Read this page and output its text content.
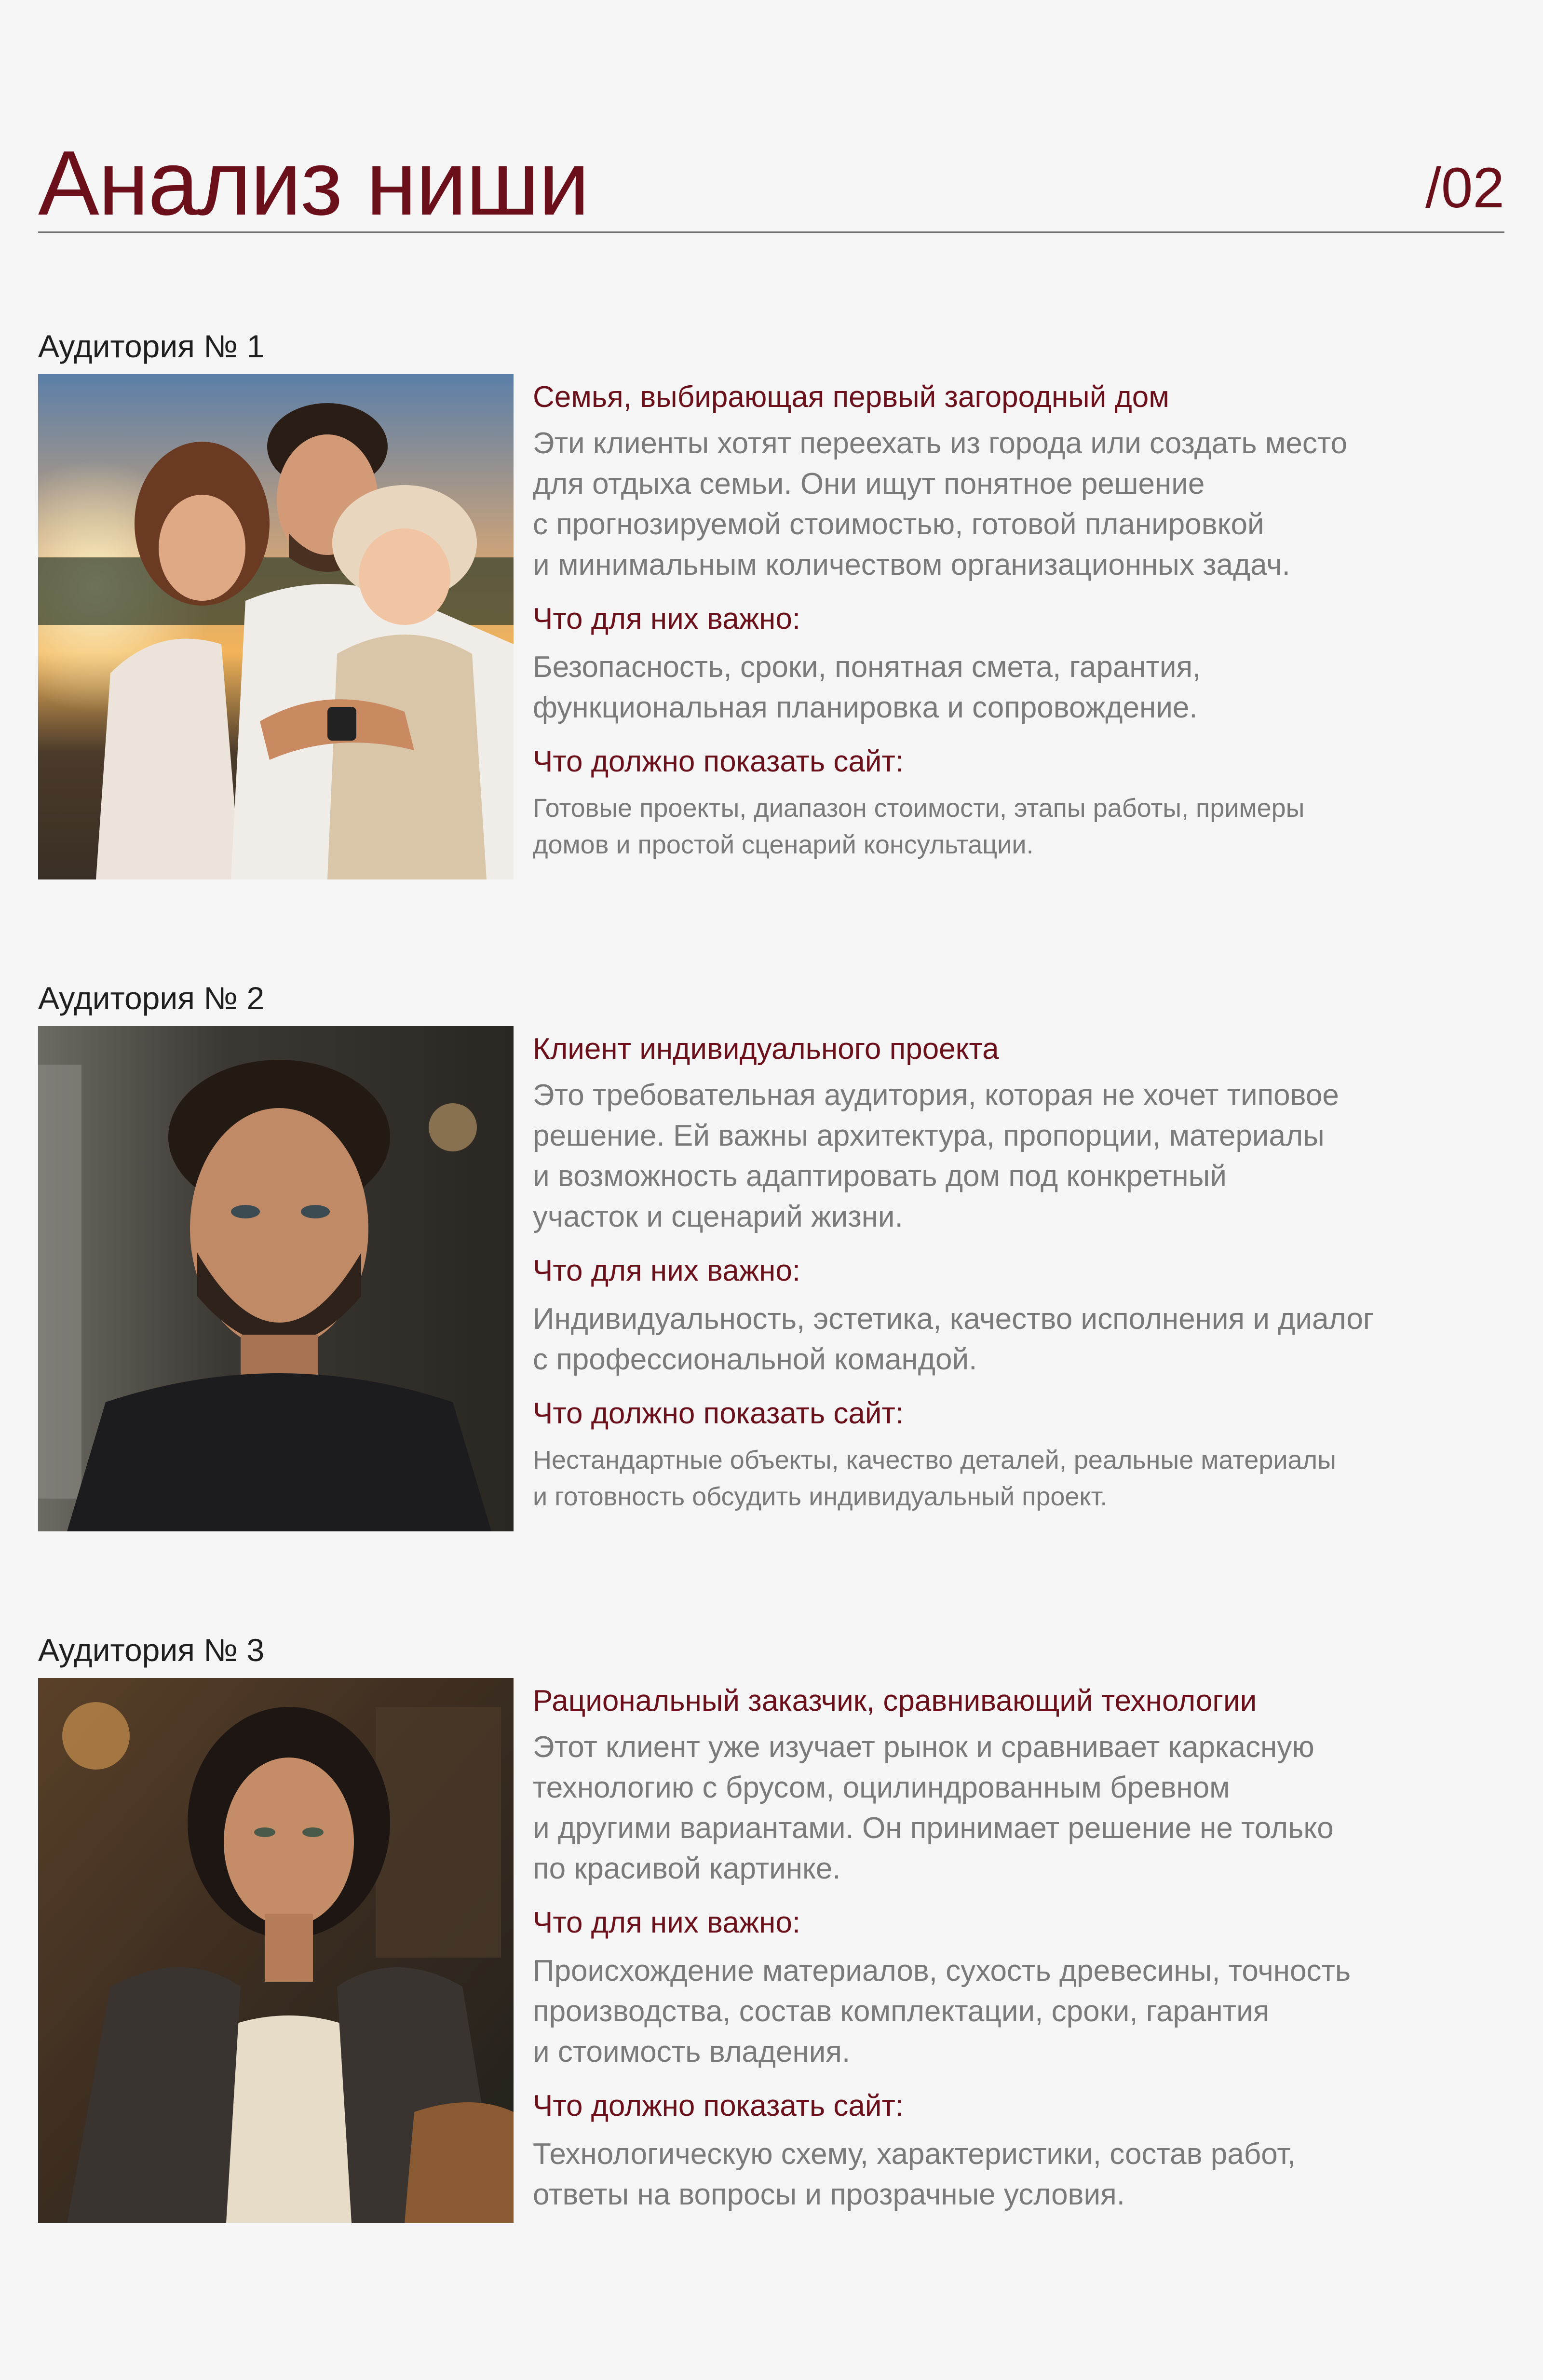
Анализ ниши	/02
Аудитория № 1

Семья, выбирающая первый загородный дом

Эти клиенты хотят переехать из города или создать место
для отдыха семьи. Они ищут понятное решение
с прогнозируемой стоимостью, готовой планировкой
и минимальным количеством организационных задач.

Что для них важно:

Безопасность, сроки, понятная смета, гарантия,
функциональная планировка и сопровождение.

Что должно показать сайт:

Готовые проекты, диапазон стоимости, этапы работы, примеры
домов и простой сценарий консультации.

Аудитория № 2

Клиент индивидуального проекта

Это требовательная аудитория, которая не хочет типовое
решение. Ей важны архитектура, пропорции, материалы
и возможность адаптировать дом под конкретный
участок и сценарий жизни.

Что для них важно:

Индивидуальность, эстетика, качество исполнения и диалог
с профессиональной командой.

Что должно показать сайт:

Нестандартные объекты, качество деталей, реальные материалы
и готовность обсудить индивидуальный проект.

Аудитория № 3

Рациональный заказчик, сравнивающий технологии

Этот клиент уже изучает рынок и сравнивает каркасную
технологию с брусом, оцилиндрованным бревном
и другими вариантами. Он принимает решение не только
по красивой картинке.

Что для них важно:

Происхождение материалов, сухость древесины, точность
производства, состав комплектации, сроки, гарантия
и стоимость владения.

Что должно показать сайт:

Технологическую схему, характеристики, состав работ,
ответы на вопросы и прозрачные условия.
